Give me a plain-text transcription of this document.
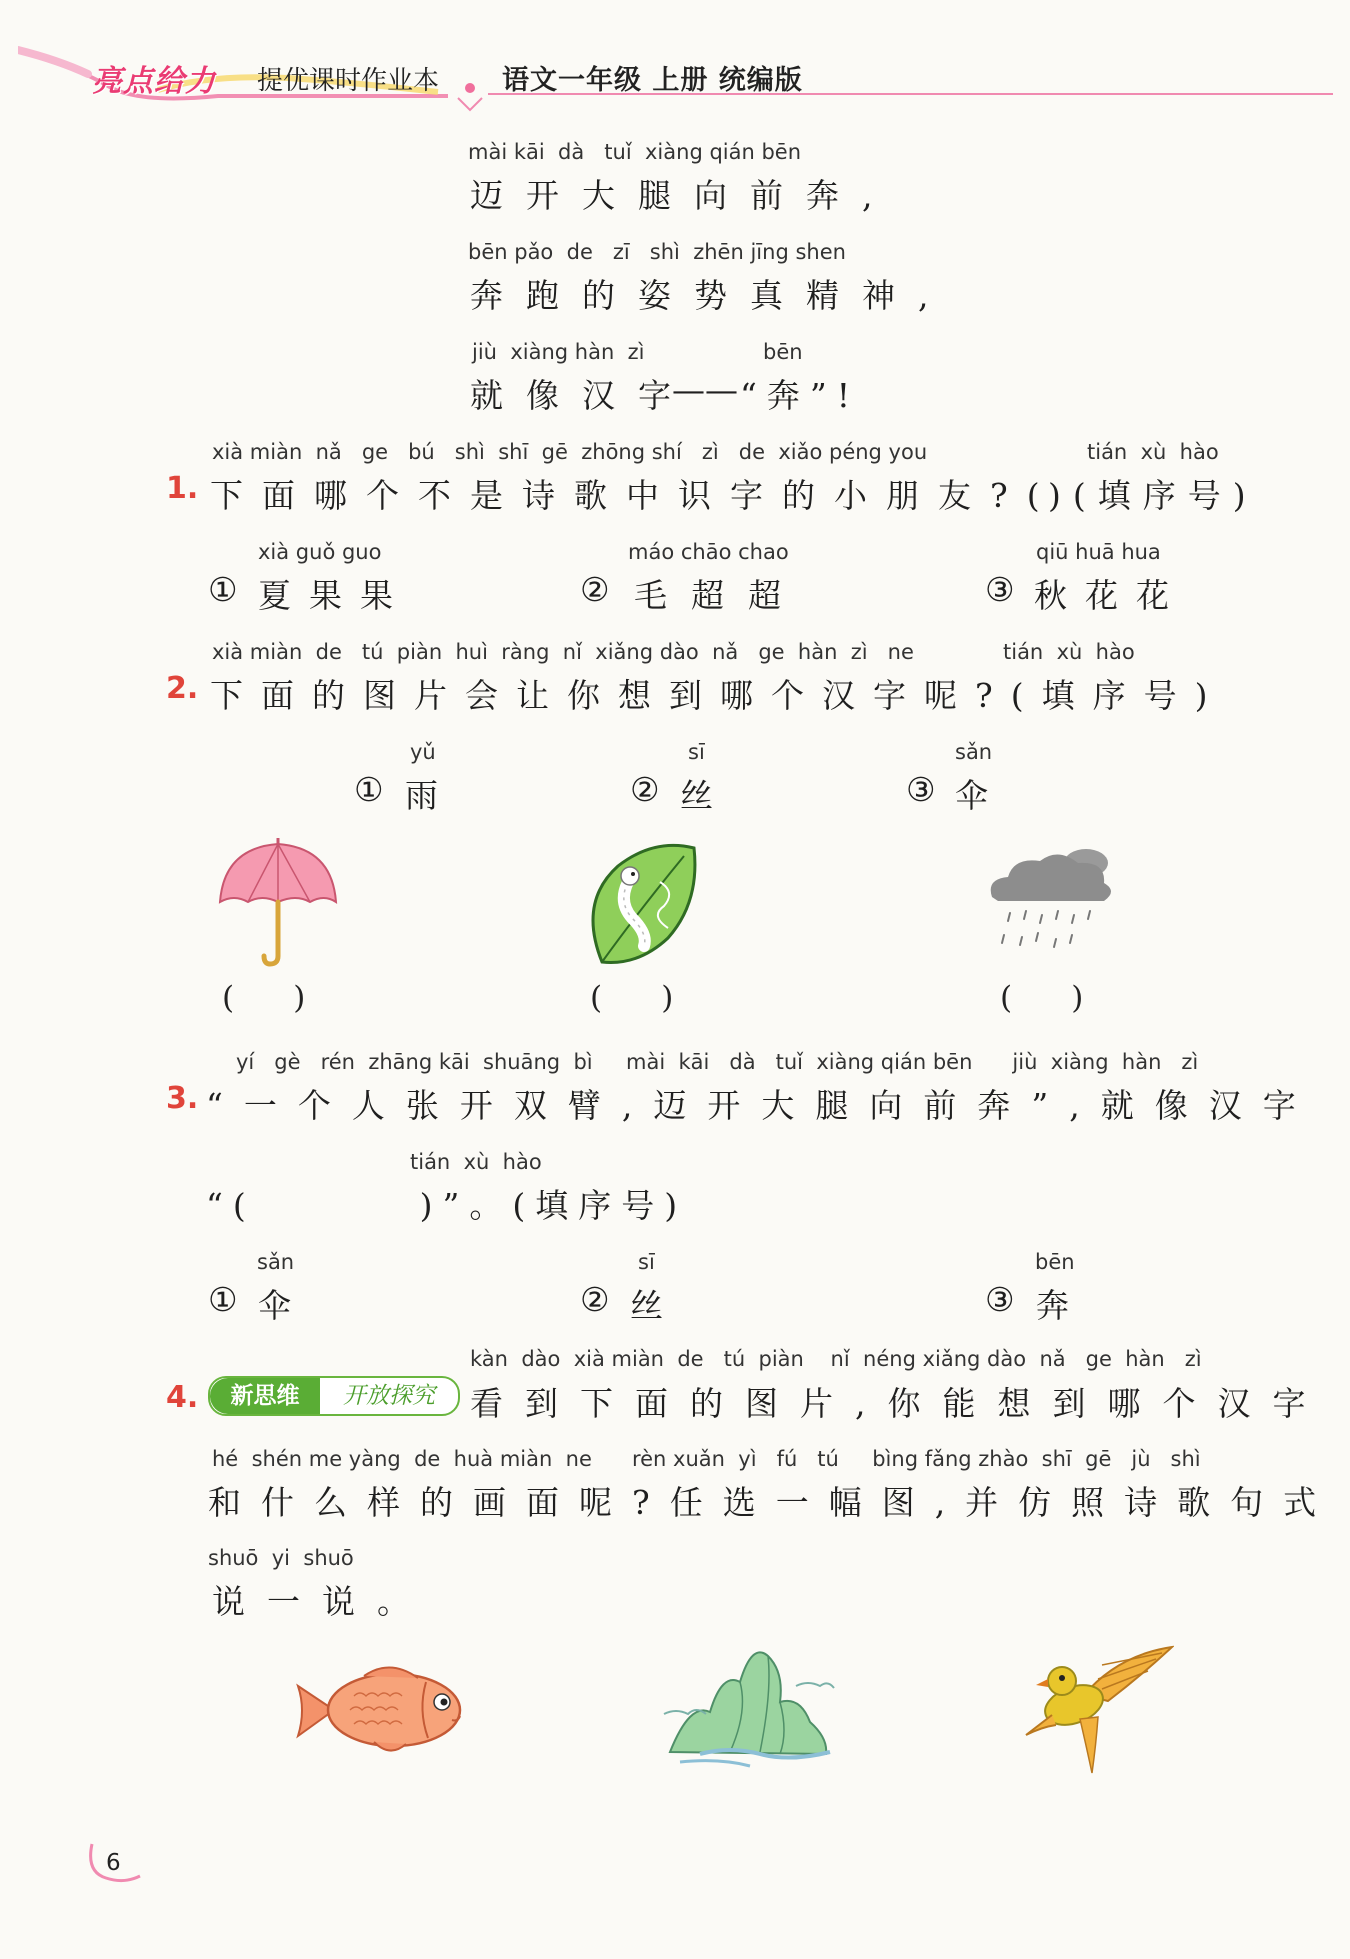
亮点给力 提优课时作业本 语文一年级 上册 统编版
mài kāi  dà   tuǐ  xiàng qián bēn
迈开大腿向前奔,
bēn pǎo  de   zī   shì  zhēn jīng shen
奔跑的姿势真精神,
jiù  xiàng hàn  zì	bēn
就像汉字
—— “奔”!
xià miàn  nǎ   ge   bú   shì  shī  gē  zhōng shí   zì   de  xiǎo péng you	tián  xù  hào
1. 下面哪个不是诗歌中识字的小朋友?(
)(填序号)
xià guǒ guo
① 夏果果
máo chāo chao
② 毛超超
qiū huā hua
③ 秋花花
xià miàn  de   tú  piàn  huì  ràng  nǐ  xiǎng dào  nǎ   ge  hàn  zì   ne	tián  xù  hào
2. 下面的图片会让你想到哪个汉字呢?(填序号)
yǔ
① 雨
sī
② 丝
sǎn
③ 伞
(      )	(      )	(      )
yí   gè   rén  zhāng kāi  shuāng  bì     mài  kāi   dà   tuǐ  xiàng qián bēn      jiù  xiàng  hàn   zì
3. “一个人张开双臂,迈开大腿向前奔”,就像汉字
tián  xù  hào
“(        )”。(填序号)
sǎn
① 伞
sī
② 丝
bēn
③ 奔
kàn  dào  xià miàn  de   tú  piàn    nǐ  néng xiǎng dào  nǎ   ge  hàn   zì
4.	新思维	开放探究	看到下面的图片,你能想到哪个汉字
hé  shén me yàng  de  huà miàn  ne      rèn xuǎn  yì   fú   tú     bìng fǎng zhào  shī  gē   jù   shì
和什么样的画面呢?任选一幅图,并仿照诗歌句式
shuō  yi  shuō
说一说。
6
